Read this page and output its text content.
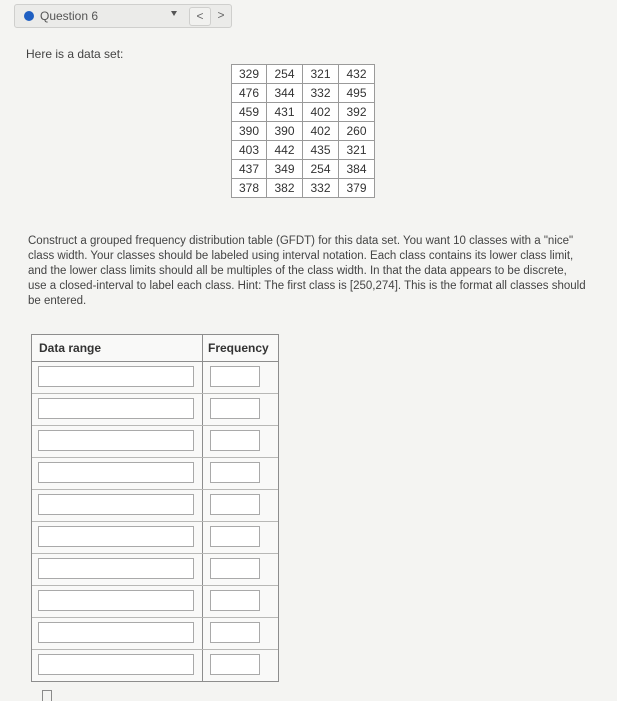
Question 6	<	>
Here is a data set:
329	254	321	432
476	344	332	495
459	431	402	392
390	390	402	260
403	442	435	321
437	349	254	384
378	382	332	379
Construct a grouped frequency distribution table (GFDT) for this data set. You want 10 classes with a "nice" class width. Your classes should be labeled using interval notation. Each class contains its lower class limit, and the lower class limits should all be multiples of the class width. In that the data appears to be discrete, use a closed-interval to label each class. Hint: The first class is [250,274]. This is the format all classes should be entered.
Data range	Frequency
